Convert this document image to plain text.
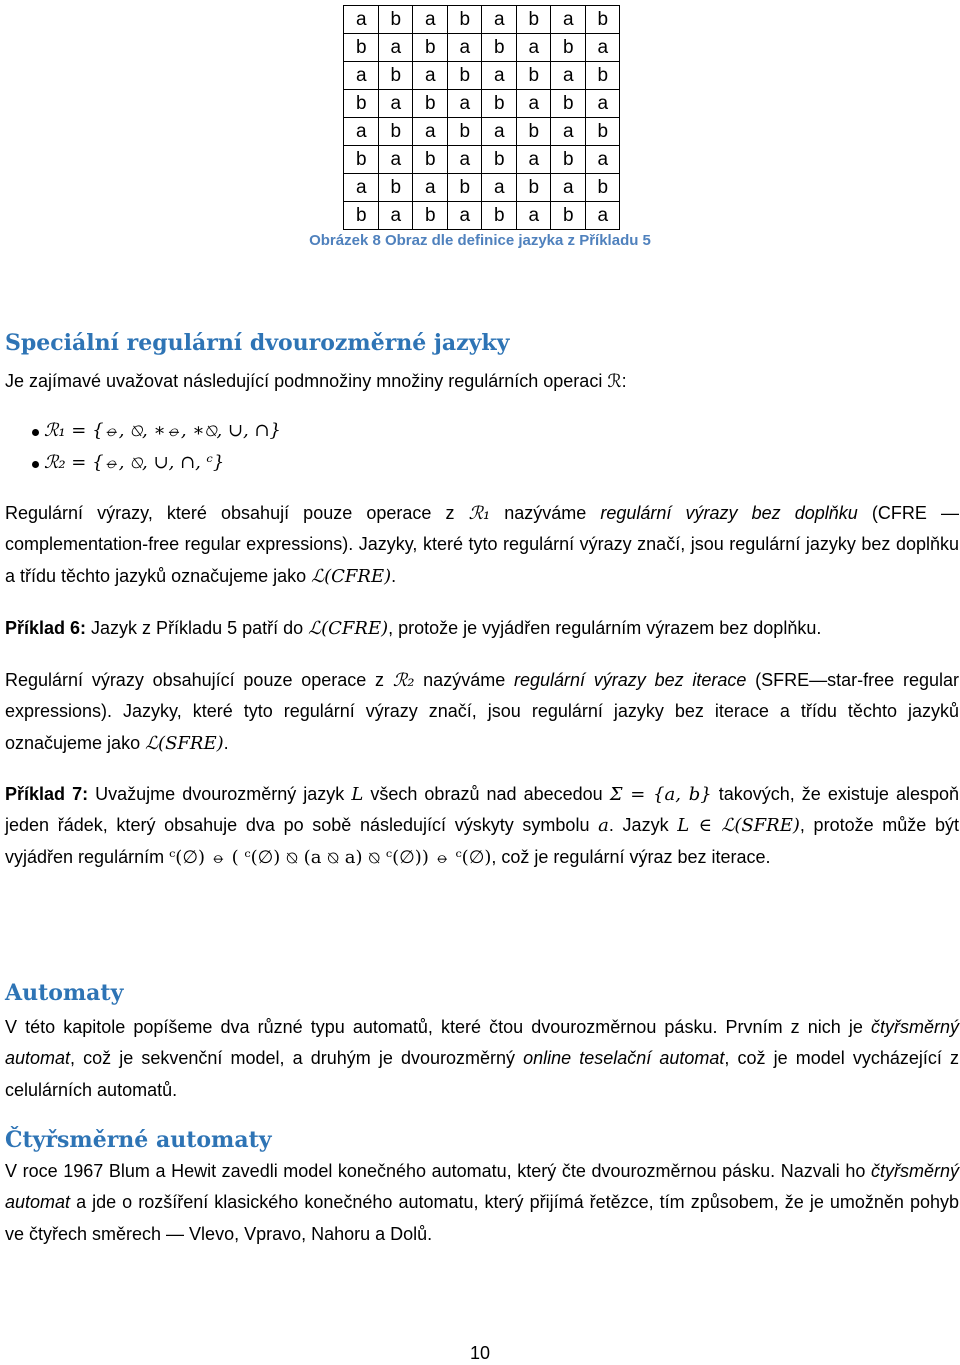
a	b	a	b	a	b	a	b
b	a	b	a	b	a	b	a
a	b	a	b	a	b	a	b
b	a	b	a	b	a	b	a
a	b	a	b	a	b	a	b
b	a	b	a	b	a	b	a
a	b	a	b	a	b	a	b
b	a	b	a	b	a	b	a
Obrázek 8 Obraz dle definice jazyka z Příkladu 5
Speciální regulární dvourozměrné jazyky
Je zajímavé uvažovat následující podmnožiny množiny regulárních operaci ℛ:
ℛ₁ = {⦵, ⦰, ∗⦵, ∗⦰, ∪, ∩}
ℛ₂ = {⦵, ⦰, ∪, ∩, ᶜ}
Regulární výrazy, které obsahují pouze operace z ℛ₁ nazýváme regulární výrazy bez doplňku (CFRE — complementation-free regular expressions). Jazyky, které tyto regulární výrazy značí, jsou regulární jazyky bez doplňku a třídu těchto jazyků označujeme jako ℒ(CFRE).
Příklad 6: Jazyk z Příkladu 5 patří do ℒ(CFRE), protože je vyjádřen regulárním výrazem bez doplňku.
Regulární výrazy obsahující pouze operace z ℛ₂ nazýváme regulární výrazy bez iterace (SFRE—star-free regular expressions). Jazyky, které tyto regulární výrazy značí, jsou regulární jazyky bez iterace a třídu těchto jazyků označujeme jako ℒ(SFRE).
Příklad 7: Uvažujme dvourozměrný jazyk L všech obrazů nad abecedou Σ = {a, b} takových, že existuje alespoň jeden řádek, který obsahuje dva po sobě následující výskyty symbolu a. Jazyk L ∈ ℒ(SFRE), protože může být vyjádřen regulárním ᶜ(∅) ⦵ ( ᶜ(∅) ⦰ (a ⦰ a) ⦰ ᶜ(∅)) ⦵ ᶜ(∅), což je regulární výraz bez iterace.
Automaty
V této kapitole popíšeme dva různé typu automatů, které čtou dvourozměrnou pásku. Prvním z nich je čtyřsměrný automat, což je sekvenční model, a druhým je dvourozměrný online teselační automat, což je model vycházející z celulárních automatů.
Čtyřsměrné automaty
V roce 1967 Blum a Hewit zavedli model konečného automatu, který čte dvourozměrnou pásku. Nazvali ho čtyřsměrný automat a jde o rozšíření klasického konečného automatu, který přijímá řetězce, tím způsobem, že je umožněn pohyb ve čtyřech směrech — Vlevo, Vpravo, Nahoru a Dolů.
10
